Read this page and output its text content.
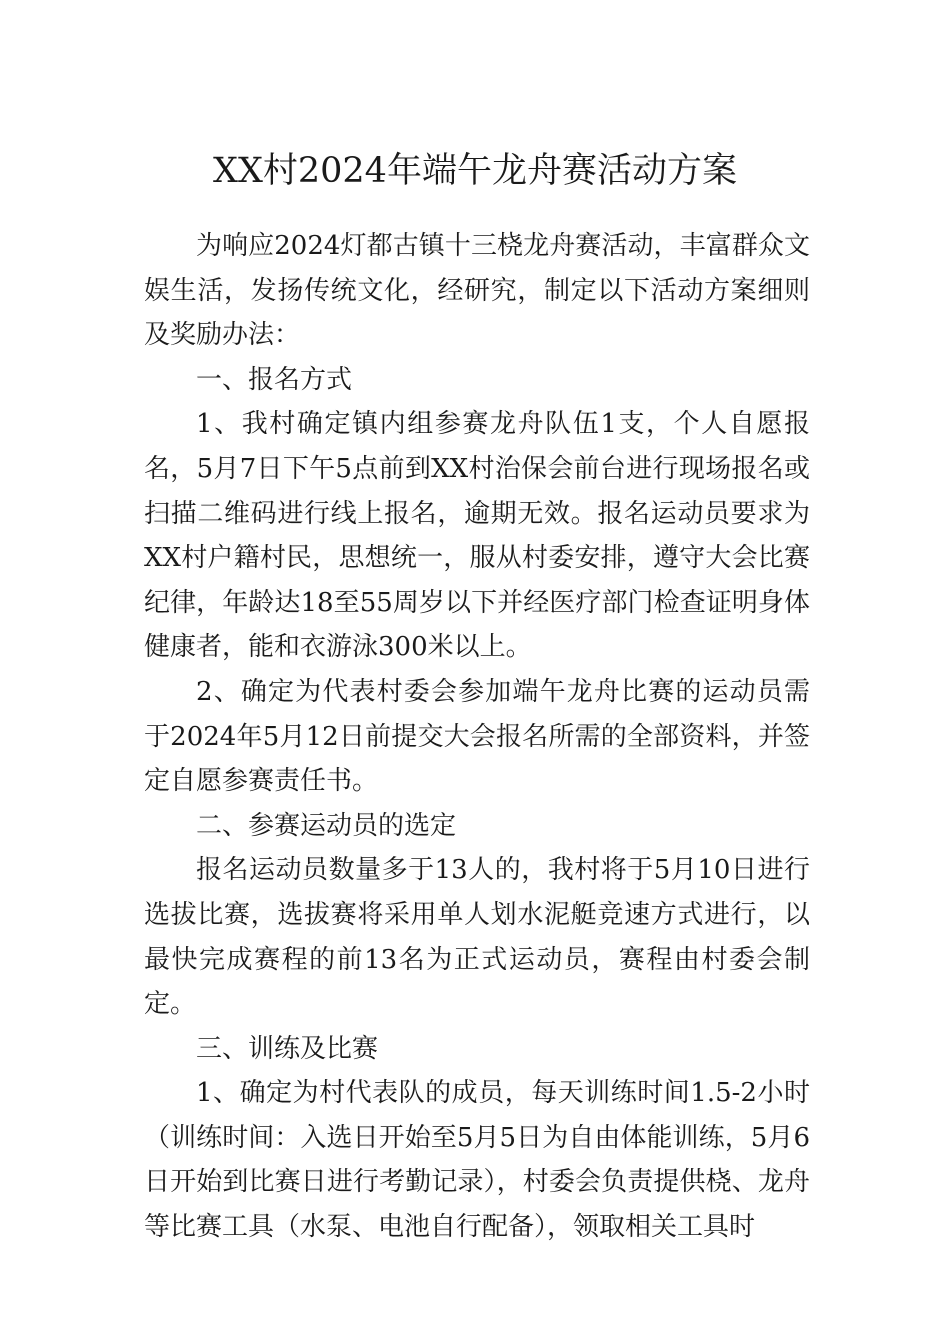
XX村2024年端午龙舟赛活动方案

为响应2024灯都古镇十三桡龙舟赛活动，丰富群众文娱生活，发扬传统文化，经研究，制定以下活动方案细则及奖励办法：

一、报名方式

1、我村确定镇内组参赛龙舟队伍1支，个人自愿报名，5月7日下午5点前到XX村治保会前台进行现场报名或扫描二维码进行线上报名，逾期无效。报名运动员要求为XX村户籍村民，思想统一，服从村委安排，遵守大会比赛纪律，年龄达18至55周岁以下并经医疗部门检查证明身体健康者，能和衣游泳300米以上。

2、确定为代表村委会参加端午龙舟比赛的运动员需于2024年5月12日前提交大会报名所需的全部资料，并签定自愿参赛责任书。

二、参赛运动员的选定

报名运动员数量多于13人的，我村将于5月10日进行选拔比赛，选拔赛将采用单人划水泥艇竞速方式进行，以最快完成赛程的前13名为正式运动员，赛程由村委会制定。

三、训练及比赛

1、确定为村代表队的成员，每天训练时间1.5-2小时（训练时间：入选日开始至5月5日为自由体能训练，5月6日开始到比赛日进行考勤记录），村委会负责提供桡、龙舟等比赛工具（水泵、电池自行配备），领取相关工具时
